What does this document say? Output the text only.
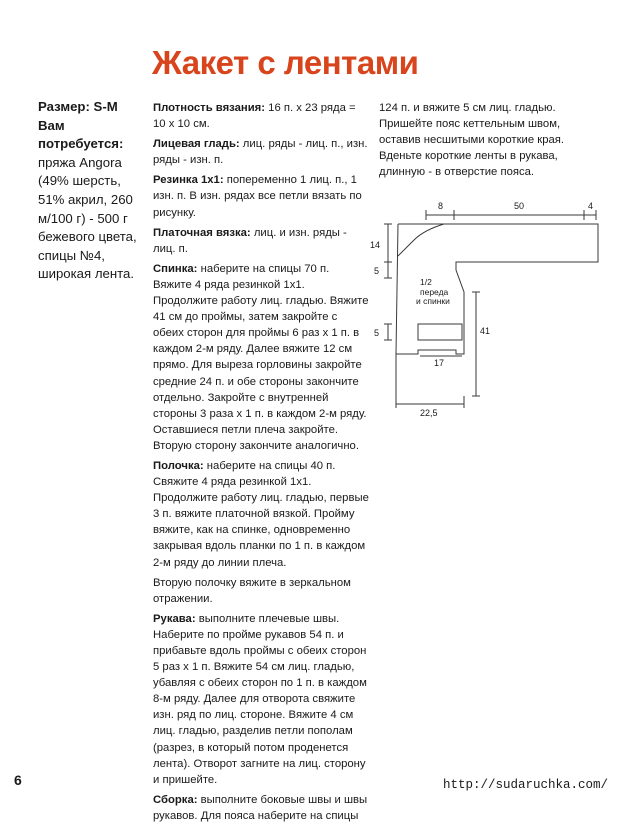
Жакет с лентами
Размер: S-M
Вам потребуется:
пряжа Angora (49% шерсть, 51% акрил, 260 м/100 г) - 500 г бежевого цвета, спицы №4, широкая лента.

Плотность вязания: 16 п. х 23 ряда = 10 х 10 см.

Лицевая гладь: лиц. ряды - лиц. п., изн. ряды - изн. п.

Резинка 1х1: попеременно 1 лиц. п., 1 изн. п. В изн. рядах все петли вязать по рисунку.

Платочная вязка: лиц. и изн. ряды - лиц. п.

Спинка: наберите на спицы 70 п. Вяжите 4 ряда резинкой 1х1. Продолжите работу лиц. гладью. Вяжите 41 см до проймы, затем закройте с обеих сторон для проймы 6 раз х 1 п. в каждом 2-м ряду. Далее вяжите 12 см прямо. Для выреза горловины закройте средние 24 п. и обе стороны закончите отдельно. Закройте с внутренней стороны 3 раза х 1 п. в каждом 2-м ряду. Оставшиеся петли плеча закройте. Вторую сторону закончите аналогично.

Полочка: наберите на спицы 40 п. Свяжите 4 ряда резинкой 1х1. Продолжите работу лиц. гладью, первые 3 п. вяжите платочной вязкой. Пройму вяжите, как на спинке, одновременно закрывая вдоль планки по 1 п. в каждом 2-м ряду до линии плеча.

Вторую полочку вяжите в зеркальном отражении.

Рукава: выполните плечевые швы. Наберите по пройме рукавов 54 п. и прибавьте вдоль проймы с обеих сторон 5 раз х 1 п. Вяжите 54 см лиц. гладью, убавляя с обеих сторон по 1 п. в каждом 8-м ряду. Далее для отворота свяжите изн. ряд по лиц. стороне. Вяжите 4 см лиц. гладью, разделив петли пополам (разрез, в который потом проденется лента). Отворот загните на лиц. сторону и пришейте.

Сборка: выполните боковые швы и швы рукавов. Для пояса наберите на спицы

124 п. и вяжите 5 см лиц. гладью. Пришейте пояс кеттельным швом, оставив несшитыми короткие края. Вденьте короткие ленты в рукава, длинную - в отверстие пояса.

8	50	4
14
5
5	41
17
22,5
1/2
переда
и спинки
6	http://sudaruchka.com/
